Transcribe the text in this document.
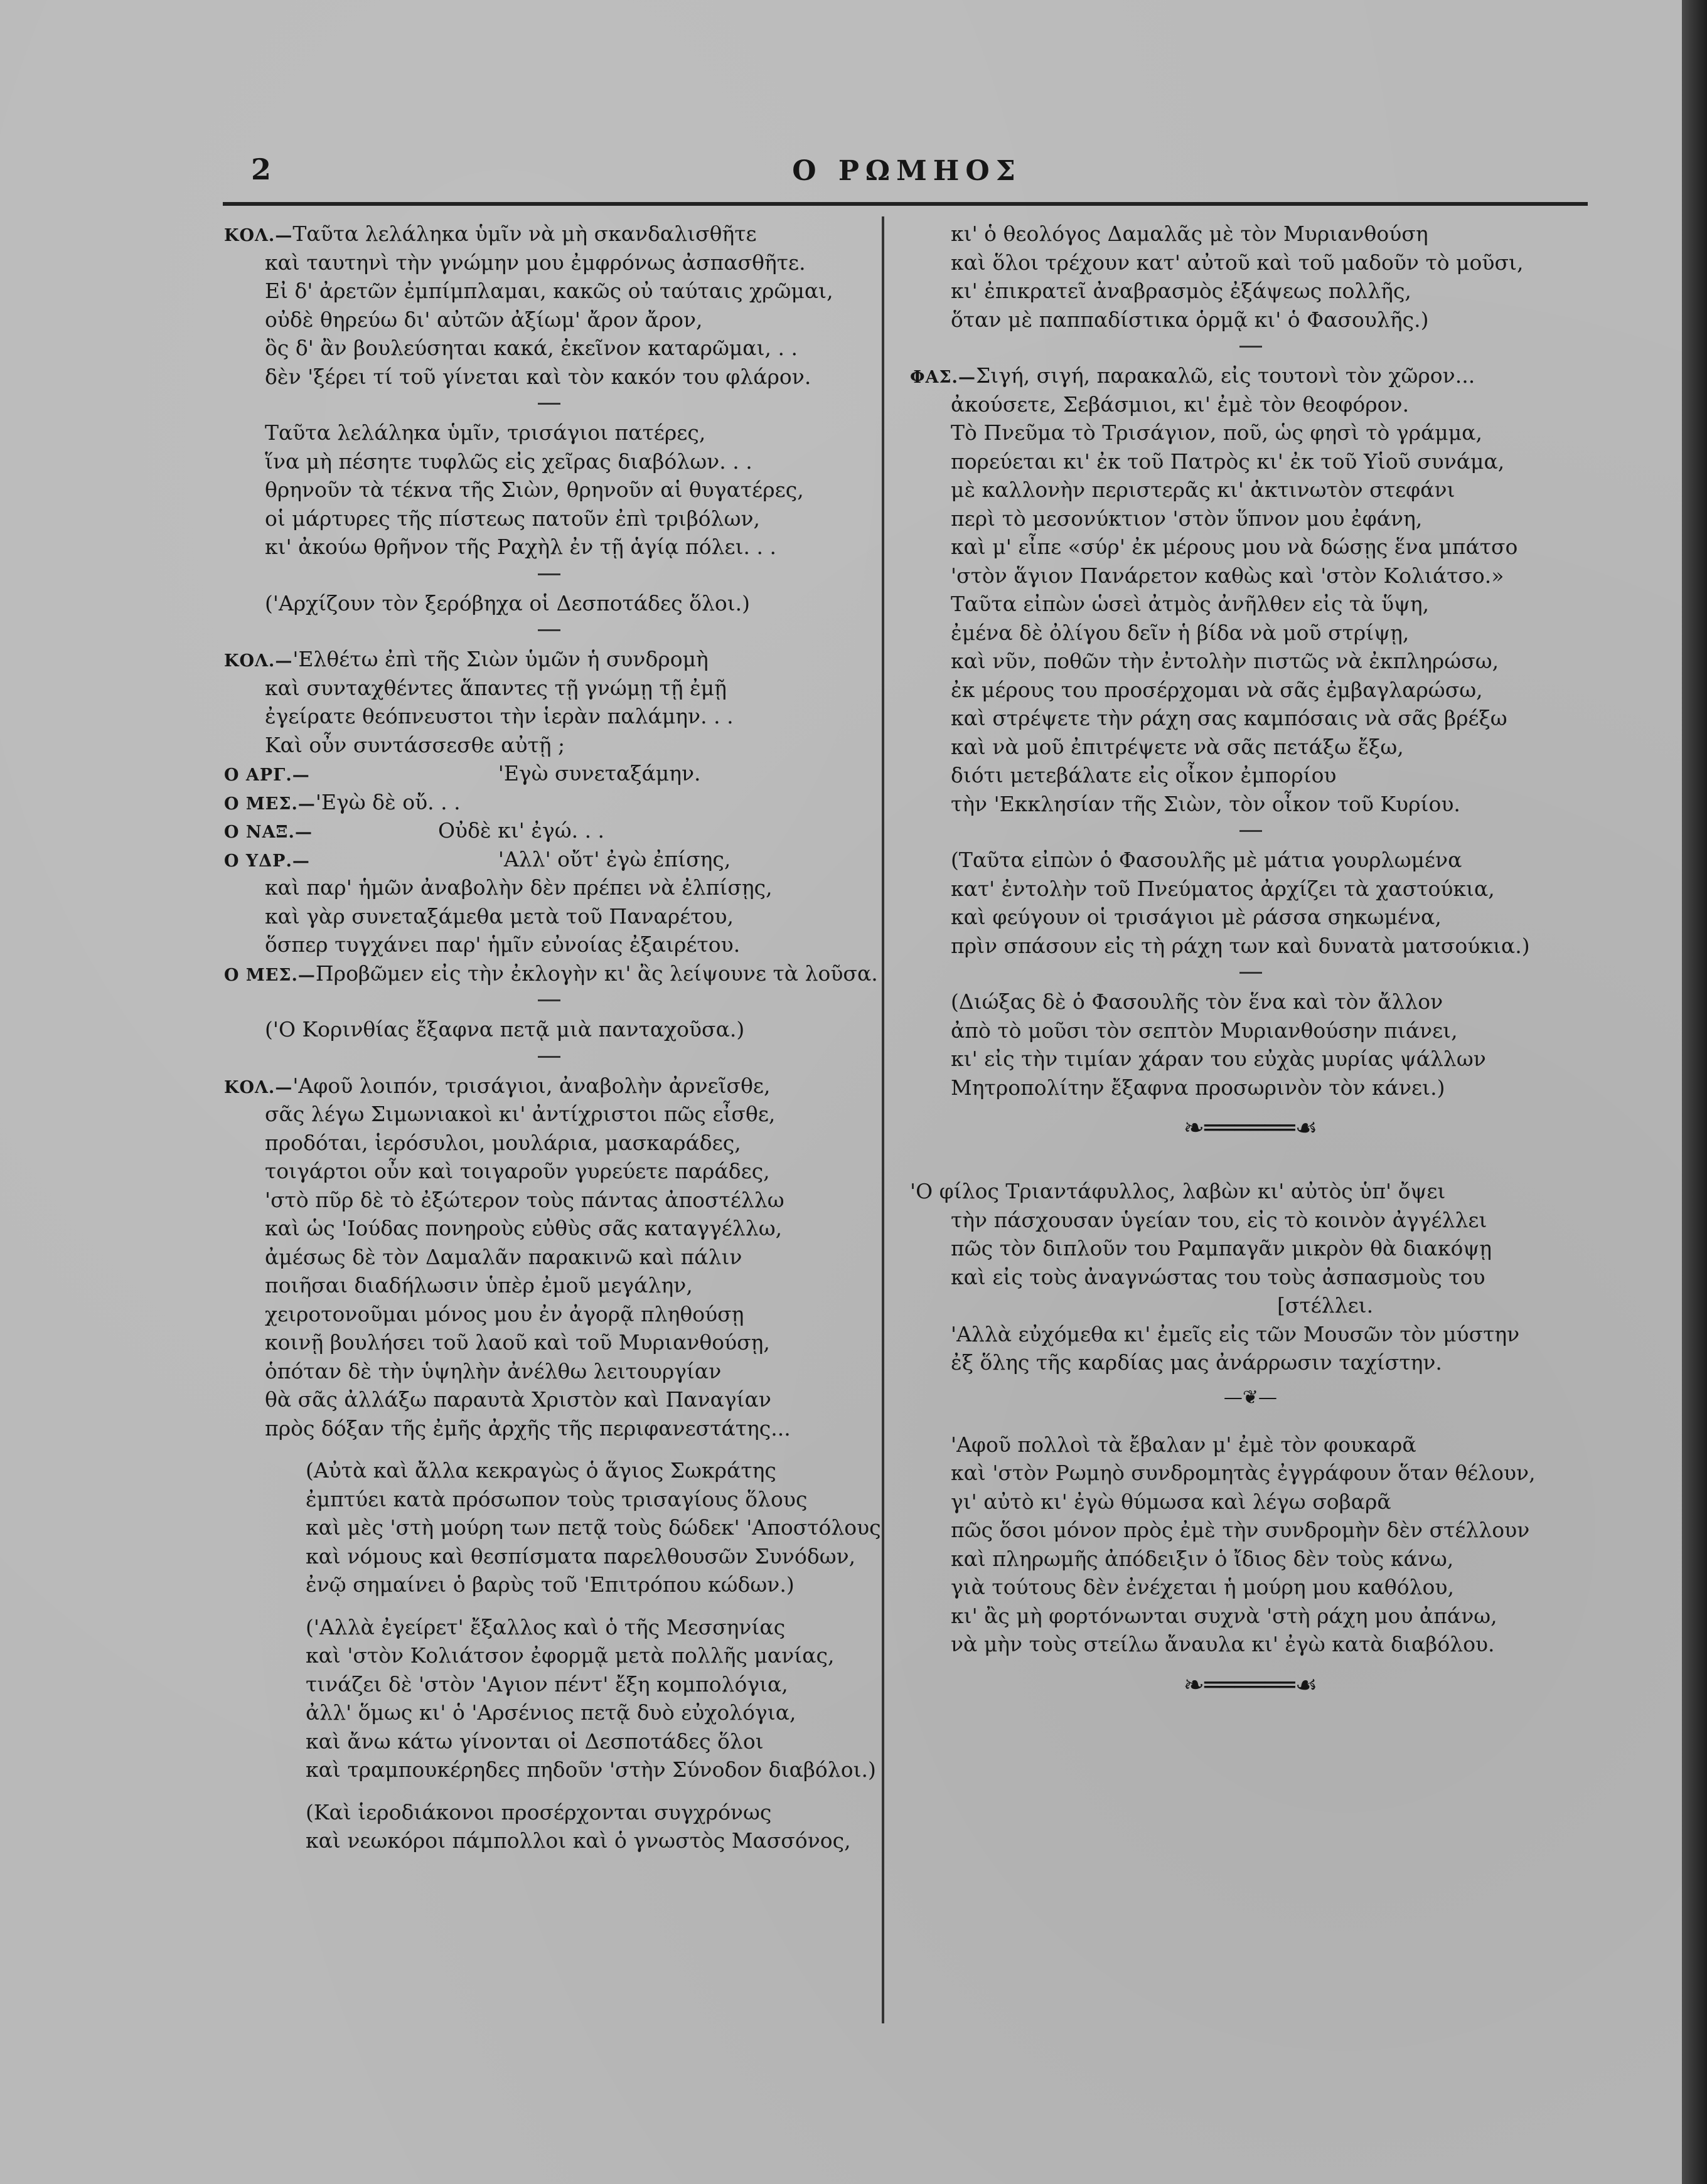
2	Ο ΡΩΜΗΟΣ
ΚΟΛ.—Ταῦτα λελάληκα ὑμῖν νὰ μὴ σκανδαλισθῆτε
καὶ ταυτηνὶ τὴν γνώμην μου ἐμφρόνως ἀσπασθῆτε.
Εἰ δ' ἀρετῶν ἐμπίμπλαμαι, κακῶς οὐ ταύταις χρῶμαι,
οὐδὲ θηρεύω δι' αὐτῶν ἀξίωμ' ἄρον ἄρον,
ὃς δ' ἂν βουλεύσηται κακά, ἐκεῖνον καταρῶμαι, . .
δὲν 'ξέρει τί τοῦ γίνεται καὶ τὸν κακόν του φλάρον.
Ταῦτα λελάληκα ὑμῖν, τρισάγιοι πατέρες,
ἵνα μὴ πέσητε τυφλῶς εἰς χεῖρας διαβόλων. . .
θρηνοῦν τὰ τέκνα τῆς Σιὼν, θρηνοῦν αἱ θυγατέρες,
οἱ μάρτυρες τῆς πίστεως πατοῦν ἐπὶ τριβόλων,
κι' ἀκούω θρῆνον τῆς Ραχὴλ ἐν τῇ ἁγίᾳ πόλει. . .
('Αρχίζουν τὸν ξερόβηχα οἱ Δεσποτάδες ὅλοι.)
ΚΟΛ.—'Ελθέτω ἐπὶ τῆς Σιὼν ὑμῶν ἡ συνδρομὴ
καὶ συνταχθέντες ἅπαντες τῇ γνώμῃ τῇ ἐμῇ
ἐγείρατε θεόπνευστοι τὴν ἱερὰν παλάμην. . .
Καὶ οὖν συντάσσεσθε αὐτῇ ;
Ο ΑΡΓ.—	'Εγὼ συνεταξάμην.
Ο ΜΕΣ.—'Εγὼ δὲ οὔ. . .
Ο ΝΑΞ.—	Οὐδὲ κι' ἐγώ. . .
Ο ΥΔΡ.—	'Αλλ' οὔτ' ἐγὼ ἐπίσης,
καὶ παρ' ἡμῶν ἀναβολὴν δὲν πρέπει νὰ ἐλπίσῃς,
καὶ γὰρ συνεταξάμεθα μετὰ τοῦ Παναρέτου,
ὅσπερ τυγχάνει παρ' ἡμῖν εὐνοίας ἐξαιρέτου.
Ο ΜΕΣ.—Προβῶμεν εἰς τὴν ἐκλογὴν κι' ἂς λείψουνε τὰ λοῦσα.
('Ο Κορινθίας ἔξαφνα πετᾷ μιὰ πανταχοῦσα.)
ΚΟΛ.—'Αφοῦ λοιπόν, τρισάγιοι, ἀναβολὴν ἀρνεῖσθε,
σᾶς λέγω Σιμωνιακοὶ κι' ἀντίχριστοι πῶς εἶσθε,
προδόται, ἱερόσυλοι, μουλάρια, μασκαράδες,
τοιγάρτοι οὖν καὶ τοιγαροῦν γυρεύετε παράδες,
'στὸ πῦρ δὲ τὸ ἐξώτερον τοὺς πάντας ἀποστέλλω
καὶ ὡς 'Ιούδας πονηροὺς εὐθὺς σᾶς καταγγέλλω,
ἀμέσως δὲ τὸν Δαμαλᾶν παρακινῶ καὶ πάλιν
ποιῆσαι διαδήλωσιν ὑπὲρ ἐμοῦ μεγάλην,
χειροτονοῦμαι μόνος μου ἐν ἀγορᾷ πληθούσῃ
κοινῇ βουλήσει τοῦ λαοῦ καὶ τοῦ Μυριανθούσῃ,
ὁπόταν δὲ τὴν ὑψηλὴν ἀνέλθω λειτουργίαν
θὰ σᾶς ἀλλάξω παραυτὰ Χριστὸν καὶ Παναγίαν
πρὸς δόξαν τῆς ἐμῆς ἀρχῆς τῆς περιφανεστάτης...
(Αὐτὰ καὶ ἄλλα κεκραγὼς ὁ ἅγιος Σωκράτης
ἐμπτύει κατὰ πρόσωπον τοὺς τρισαγίους ὅλους
καὶ μὲς 'στὴ μούρη των πετᾷ τοὺς δώδεκ' 'Αποστόλους
καὶ νόμους καὶ θεσπίσματα παρελθουσῶν Συνόδων,
ἐνῷ σημαίνει ὁ βαρὺς τοῦ 'Επιτρόπου κώδων.)
('Αλλὰ ἐγείρετ' ἔξαλλος καὶ ὁ τῆς Μεσσηνίας
καὶ 'στὸν Κολιάτσον ἐφορμᾷ μετὰ πολλῆς μανίας,
τινάζει δὲ 'στὸν 'Αγιον πέντ' ἔξη κομπολόγια,
ἀλλ' ὅμως κι' ὁ 'Αρσένιος πετᾷ δυὸ εὐχολόγια,
καὶ ἄνω κάτω γίνονται οἱ Δεσποτάδες ὅλοι
καὶ τραμπουκέρηδες πηδοῦν 'στὴν Σύνοδον διαβόλοι.)
(Καὶ ἱεροδιάκονοι προσέρχονται συγχρόνως
καὶ νεωκόροι πάμπολλοι καὶ ὁ γνωστὸς Μασσόνος,
κι' ὁ θεολόγος Δαμαλᾶς μὲ τὸν Μυριανθούση
καὶ ὅλοι τρέχουν κατ' αὐτοῦ καὶ τοῦ μαδοῦν τὸ μοῦσι,
κι' ἐπικρατεῖ ἀναβρασμὸς ἐξάψεως πολλῆς,
ὅταν μὲ παππαδίστικα ὁρμᾷ κι' ὁ Φασουλῆς.)
ΦΑΣ.—Σιγή, σιγή, παρακαλῶ, εἰς τουτονὶ τὸν χῶρον...
ἀκούσετε, Σεβάσμιοι, κι' ἐμὲ τὸν θεοφόρον.
Τὸ Πνεῦμα τὸ Τρισάγιον, ποῦ, ὡς φησὶ τὸ γράμμα,
πορεύεται κι' ἐκ τοῦ Πατρὸς κι' ἐκ τοῦ Υἱοῦ συνάμα,
μὲ καλλονὴν περιστερᾶς κι' ἀκτινωτὸν στεφάνι
περὶ τὸ μεσονύκτιον 'στὸν ὕπνον μου ἐφάνη,
καὶ μ' εἶπε «σύρ' ἐκ μέρους μου νὰ δώσῃς ἕνα μπάτσο
'στὸν ἅγιον Πανάρετον καθὼς καὶ 'στὸν Κολιάτσο.»
Ταῦτα εἰπὼν ὡσεὶ ἀτμὸς ἀνῆλθεν εἰς τὰ ὕψη,
ἐμένα δὲ ὀλίγου δεῖν ἡ βίδα νὰ μοῦ στρίψῃ,
καὶ νῦν, ποθῶν τὴν ἐντολὴν πιστῶς νὰ ἐκπληρώσω,
ἐκ μέρους του προσέρχομαι νὰ σᾶς ἐμβαγλαρώσω,
καὶ στρέψετε τὴν ράχη σας καμπόσαις νὰ σᾶς βρέξω
καὶ νὰ μοῦ ἐπιτρέψετε νὰ σᾶς πετάξω ἔξω,
διότι μετεβάλατε εἰς οἶκον ἐμπορίου
τὴν 'Εκκλησίαν τῆς Σιὼν, τὸν οἶκον τοῦ Κυρίου.
(Ταῦτα εἰπὼν ὁ Φασουλῆς μὲ μάτια γουρλωμένα
κατ' ἐντολὴν τοῦ Πνεύματος ἀρχίζει τὰ χαστούκια,
καὶ φεύγουν οἱ τρισάγιοι μὲ ράσσα σηκωμένα,
πρὶν σπάσουν εἰς τὴ ράχη των καὶ δυνατὰ ματσούκια.)
(Διώξας δὲ ὁ Φασουλῆς τὸν ἕνα καὶ τὸν ἄλλον
ἀπὸ τὸ μοῦσι τὸν σεπτὸν Μυριανθούσην πιάνει,
κι' εἰς τὴν τιμίαν χάραν του εὐχὰς μυρίας ψάλλων
Μητροπολίτην ἔξαφνα προσωρινὸν τὸν κάνει.)
❧══════☙
'Ο φίλος Τριαντάφυλλος, λαβὼν κι' αὐτὸς ὑπ' ὄψει
τὴν πάσχουσαν ὑγείαν του, εἰς τὸ κοινὸν ἀγγέλλει
πῶς τὸν διπλοῦν του Ραμπαγᾶν μικρὸν θὰ διακόψῃ
καὶ εἰς τοὺς ἀναγνώστας του τοὺς ἀσπασμοὺς του
[στέλλει.
'Αλλὰ εὐχόμεθα κι' ἐμεῖς εἰς τῶν Μουσῶν τὸν μύστην
ἐξ ὅλης τῆς καρδίας μας ἀνάρρωσιν ταχίστην.
—❦—
'Αφοῦ πολλοὶ τὰ ἔβαλαν μ' ἐμὲ τὸν φουκαρᾶ
καὶ 'στὸν Ρωμηὸ συνδρομητὰς ἐγγράφουν ὅταν θέλουν,
γι' αὐτὸ κι' ἐγὼ θύμωσα καὶ λέγω σοβαρᾶ
πῶς ὅσοι μόνον πρὸς ἐμὲ τὴν συνδρομὴν δὲν στέλλουν
καὶ πληρωμῆς ἀπόδειξιν ὁ ἴδιος δὲν τοὺς κάνω,
γιὰ τούτους δὲν ἐνέχεται ἡ μούρη μου καθόλου,
κι' ἂς μὴ φορτόνωνται συχνὰ 'στὴ ράχη μου ἀπάνω,
νὰ μὴν τοὺς στείλω ἄναυλα κι' ἐγὼ κατὰ διαβόλου.
❧══════☙
